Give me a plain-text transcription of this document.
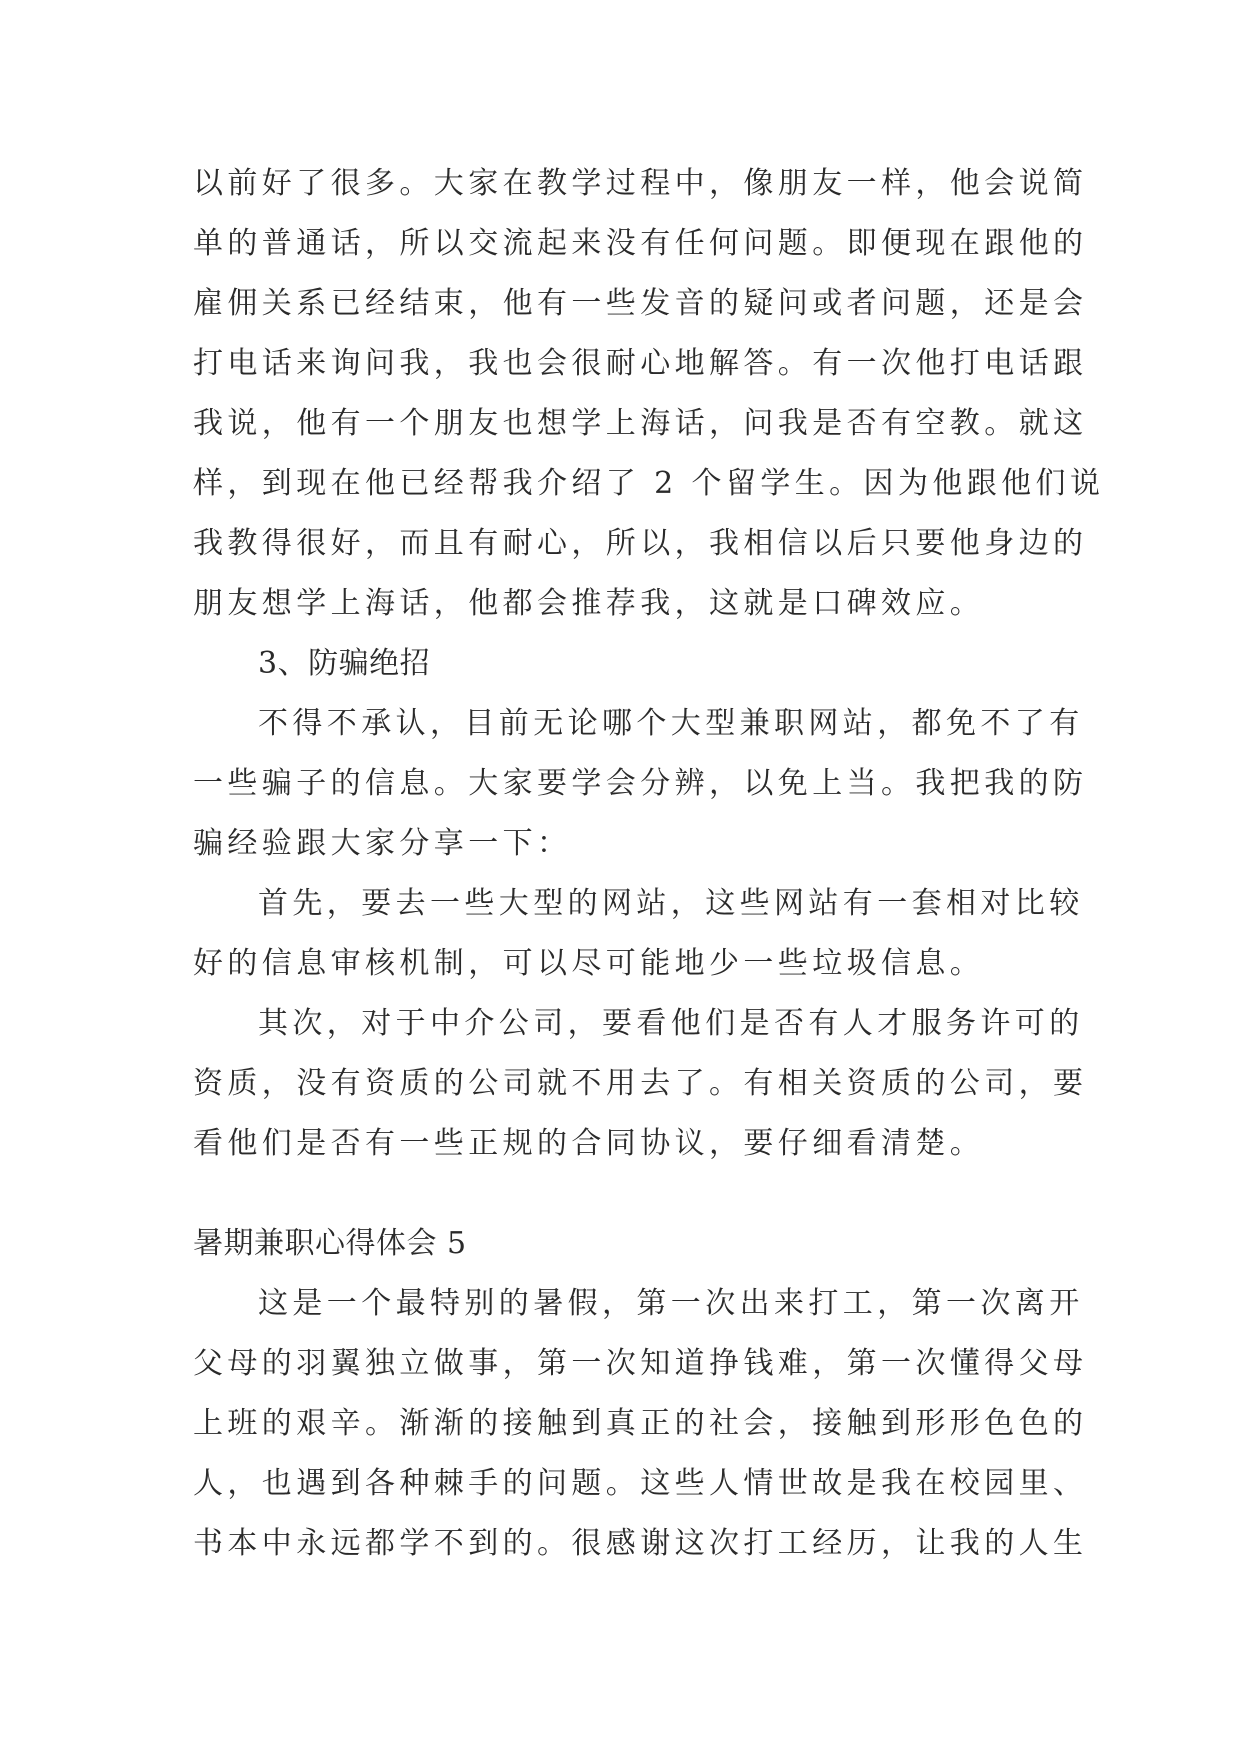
以前好了很多。大家在教学过程中，像朋友一样，他会说简
单的普通话，所以交流起来没有任何问题。即便现在跟他的
雇佣关系已经结束，他有一些发音的疑问或者问题，还是会
打电话来询问我，我也会很耐心地解答。有一次他打电话跟
我说，他有一个朋友也想学上海话，问我是否有空教。就这
样，到现在他已经帮我介绍了 2 个留学生。因为他跟他们说
我教得很好，而且有耐心，所以，我相信以后只要他身边的
朋友想学上海话，他都会推荐我，这就是口碑效应。
3、防骗绝招
不得不承认，目前无论哪个大型兼职网站，都免不了有
一些骗子的信息。大家要学会分辨，以免上当。我把我的防
骗经验跟大家分享一下：
首先，要去一些大型的网站，这些网站有一套相对比较
好的信息审核机制，可以尽可能地少一些垃圾信息。
其次，对于中介公司，要看他们是否有人才服务许可的
资质，没有资质的公司就不用去了。有相关资质的公司，要
看他们是否有一些正规的合同协议，要仔细看清楚。
暑期兼职心得体会 5
这是一个最特别的暑假，第一次出来打工，第一次离开
父母的羽翼独立做事，第一次知道挣钱难，第一次懂得父母
上班的艰辛。渐渐的接触到真正的社会，接触到形形色色的
人，也遇到各种棘手的问题。这些人情世故是我在校园里、
书本中永远都学不到的。很感谢这次打工经历，让我的人生
